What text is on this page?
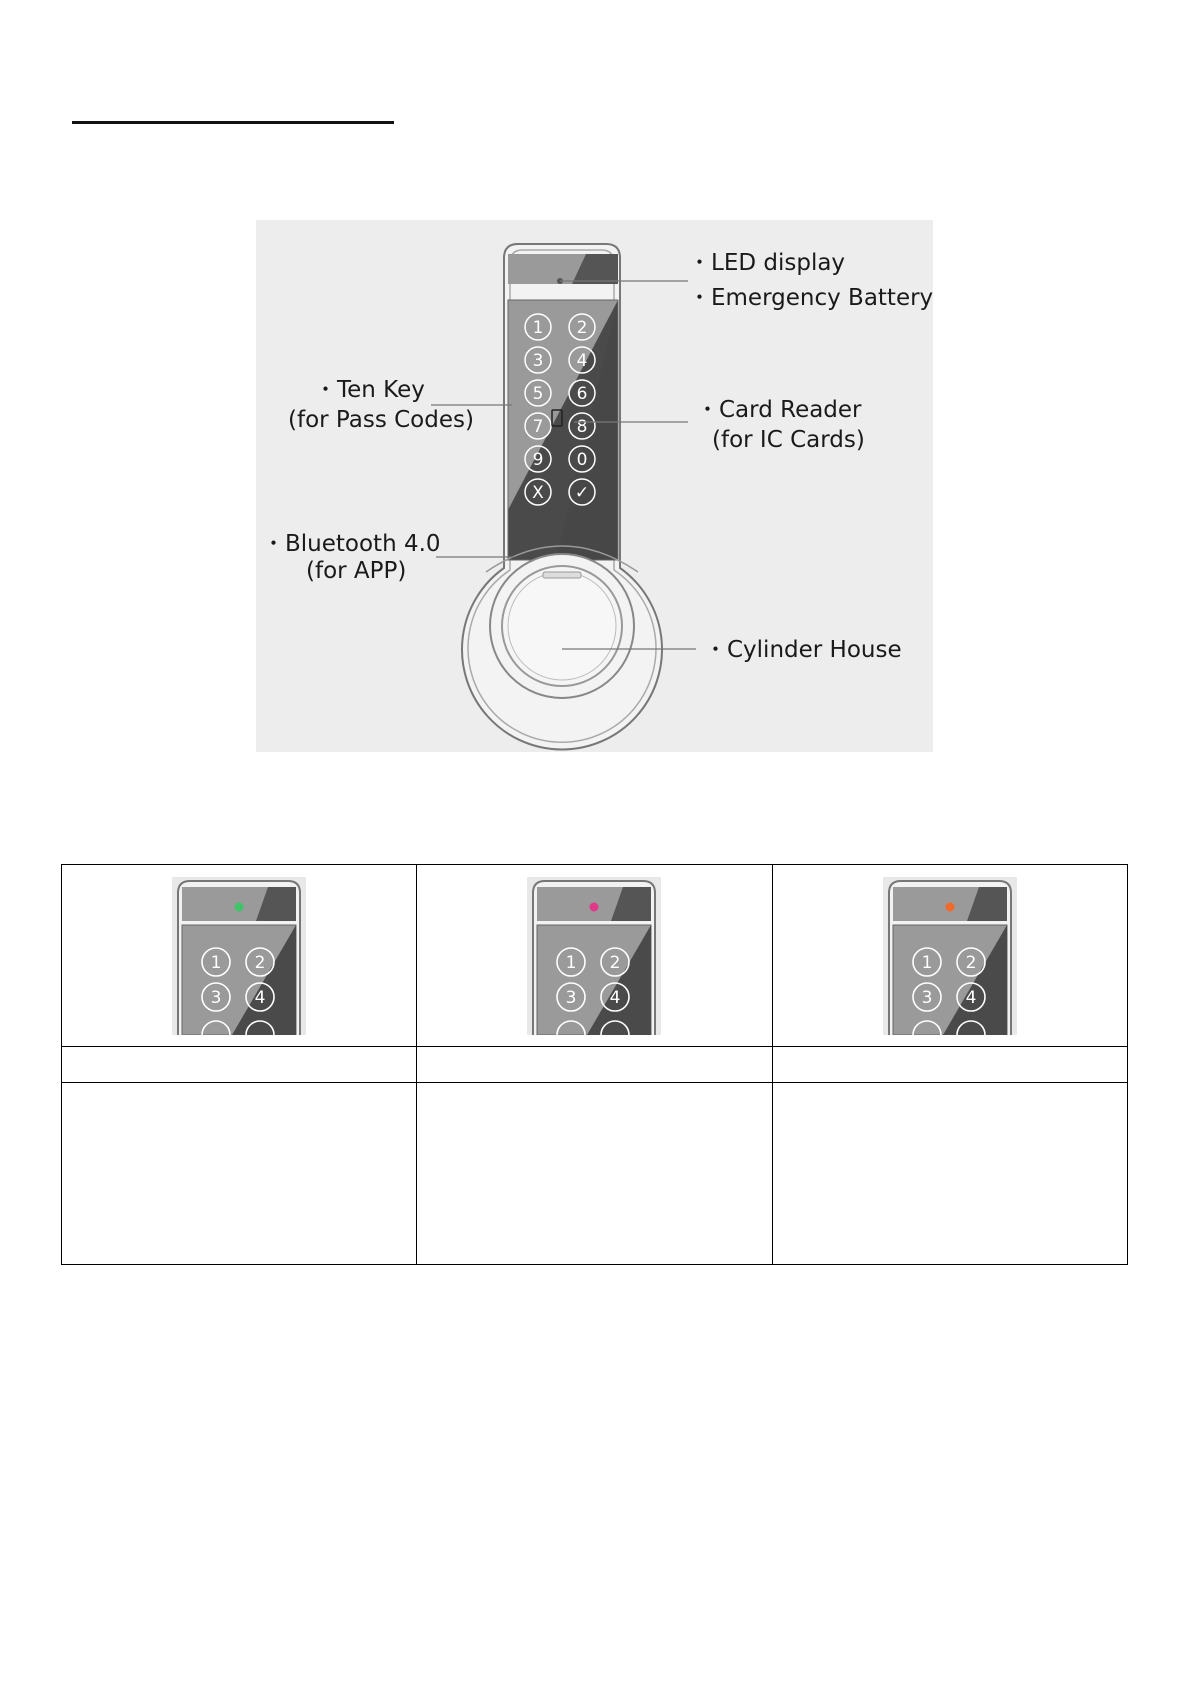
1 2
3 4
5 6
7 8
9 0
X ✓
・LED display
・Emergency Battery
・Ten Key
(for Pass Codes)	・Card Reader
(for IC Cards)
・Bluetooth 4.0
(for APP)
・Cylinder House
1 2
3 4	1 2
3 4	1 2
3 4
